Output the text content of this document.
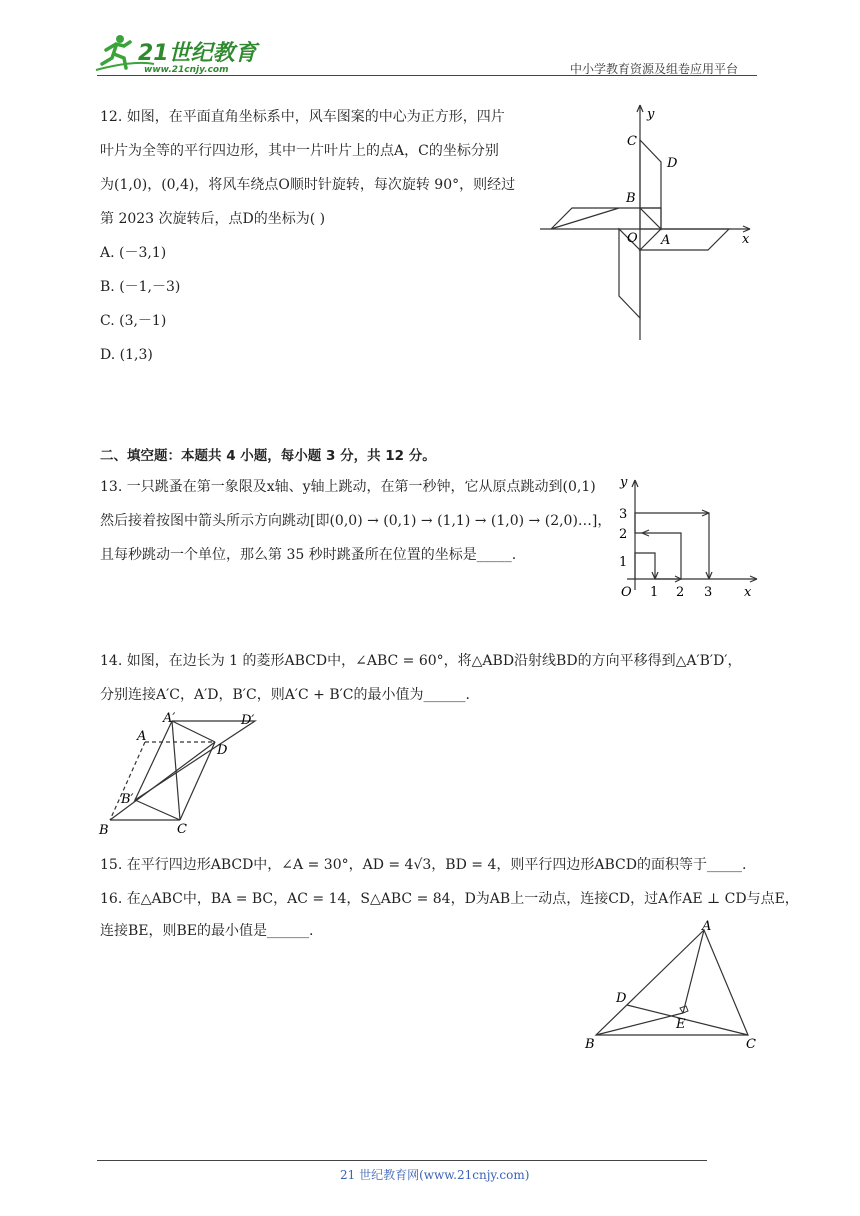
21世纪教育
www.21cnjy.com	中小学教育资源及组卷应用平台
12. 如图，在平面直角坐标系中，风车图案的中心为正方形，四片
叶片为全等的平行四边形，其中一片叶片上的点A，C的坐标分别
为(1,0)，(0,4)，将风车绕点O顺时针旋转，每次旋转 90°，则经过
第 2023 次旋转后，点D的坐标为( )
A. (－3,1)
B. (－1,－3)
C. (3,－1)
D. (1,3)
y
x
C
D
B
O A
二、填空题：本题共 4 小题，每小题 3 分，共 12 分。
13. 一只跳蚤在第一象限及x轴、y轴上跳动，在第一秒钟，它从原点跳动到(0,1)
然后接着按图中箭头所示方向跳动[即(0,0) → (0,1) → (1,1) → (1,0) → (2,0)…]，
且每秒跳动一个单位，那么第 35 秒时跳蚤所在位置的坐标是_____.
y
x
O 1 2 3
1
2
3
14. 如图，在边长为 1 的菱形ABCD中，∠ABC = 60°，将△ABD沿射线BD的方向平移得到△A′B′D′，
分别连接A′C，A′D，B′C，则A′C + B′C的最小值为______.
A′	D′
A
D
B′
B	C
15. 在平行四边形ABCD中，∠A = 30°，AD = 4√3，BD = 4，则平行四边形ABCD的面积等于_____.
16. 在△ABC中，BA = BC，AC = 14，S△ABC = 84，D为AB上一动点，连接CD，过A作AE ⊥ CD与点E，
连接BE，则BE的最小值是______.	A
D
E
B	C
21 世纪教育网(www.21cnjy.com)
